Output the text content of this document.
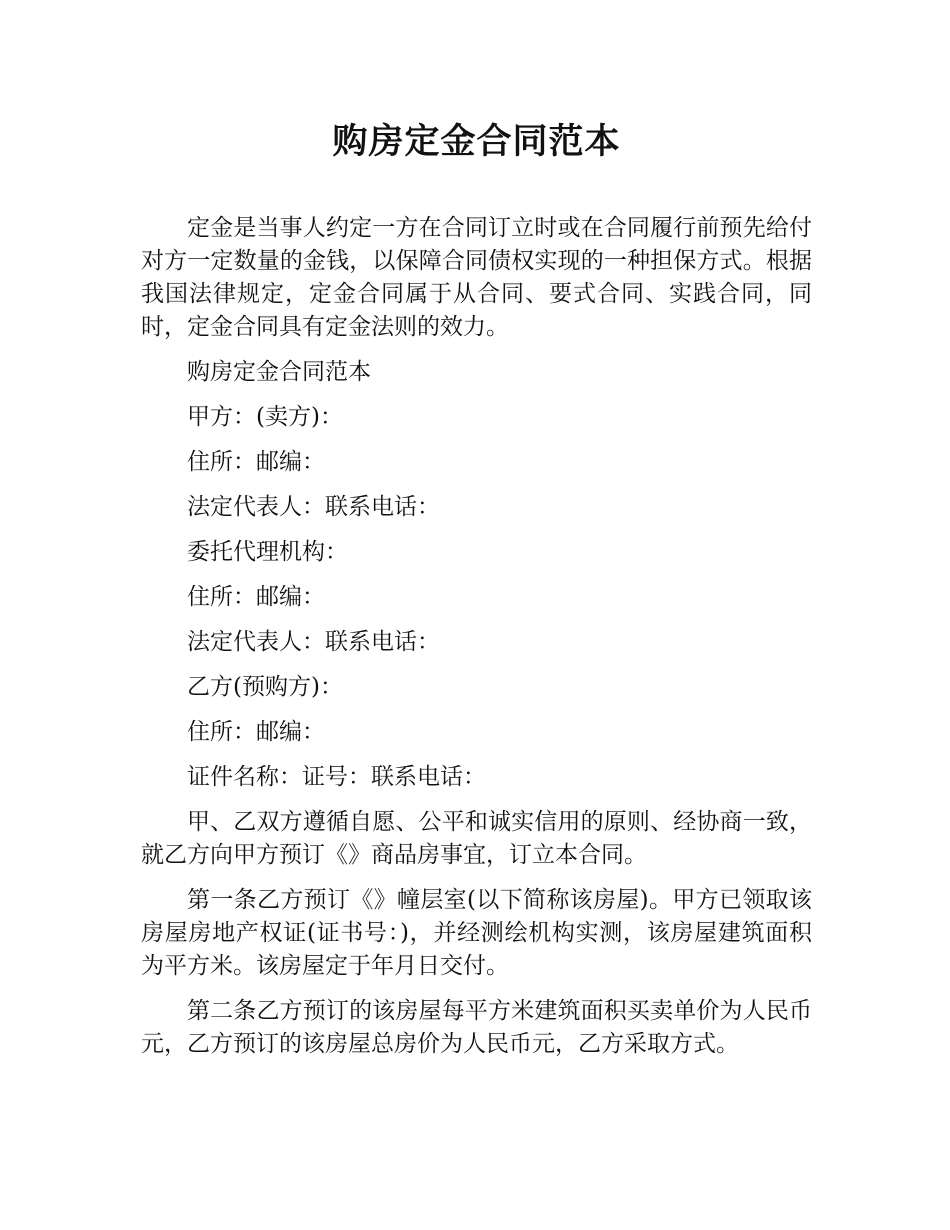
购房定金合同范本

定金是当事人约定一方在合同订立时或在合同履行前预先给付对方一定数量的金钱，以保障合同债权实现的一种担保方式。根据我国法律规定，定金合同属于从合同、要式合同、实践合同，同时，定金合同具有定金法则的效力。

购房定金合同范本

甲方：(卖方)：

住所：邮编：

法定代表人：联系电话：

委托代理机构：

住所：邮编：

法定代表人：联系电话：

乙方(预购方)：

住所：邮编：

证件名称：证号：联系电话：

甲、乙双方遵循自愿、公平和诚实信用的原则、经协商一致，就乙方向甲方预订《》商品房事宜，订立本合同。

第一条乙方预订《》幢层室(以下简称该房屋)。甲方已领取该房屋房地产权证(证书号：)，并经测绘机构实测，该房屋建筑面积为平方米。该房屋定于年月日交付。

第二条乙方预订的该房屋每平方米建筑面积买卖单价为人民币元，乙方预订的该房屋总房价为人民币元，乙方采取方式。
